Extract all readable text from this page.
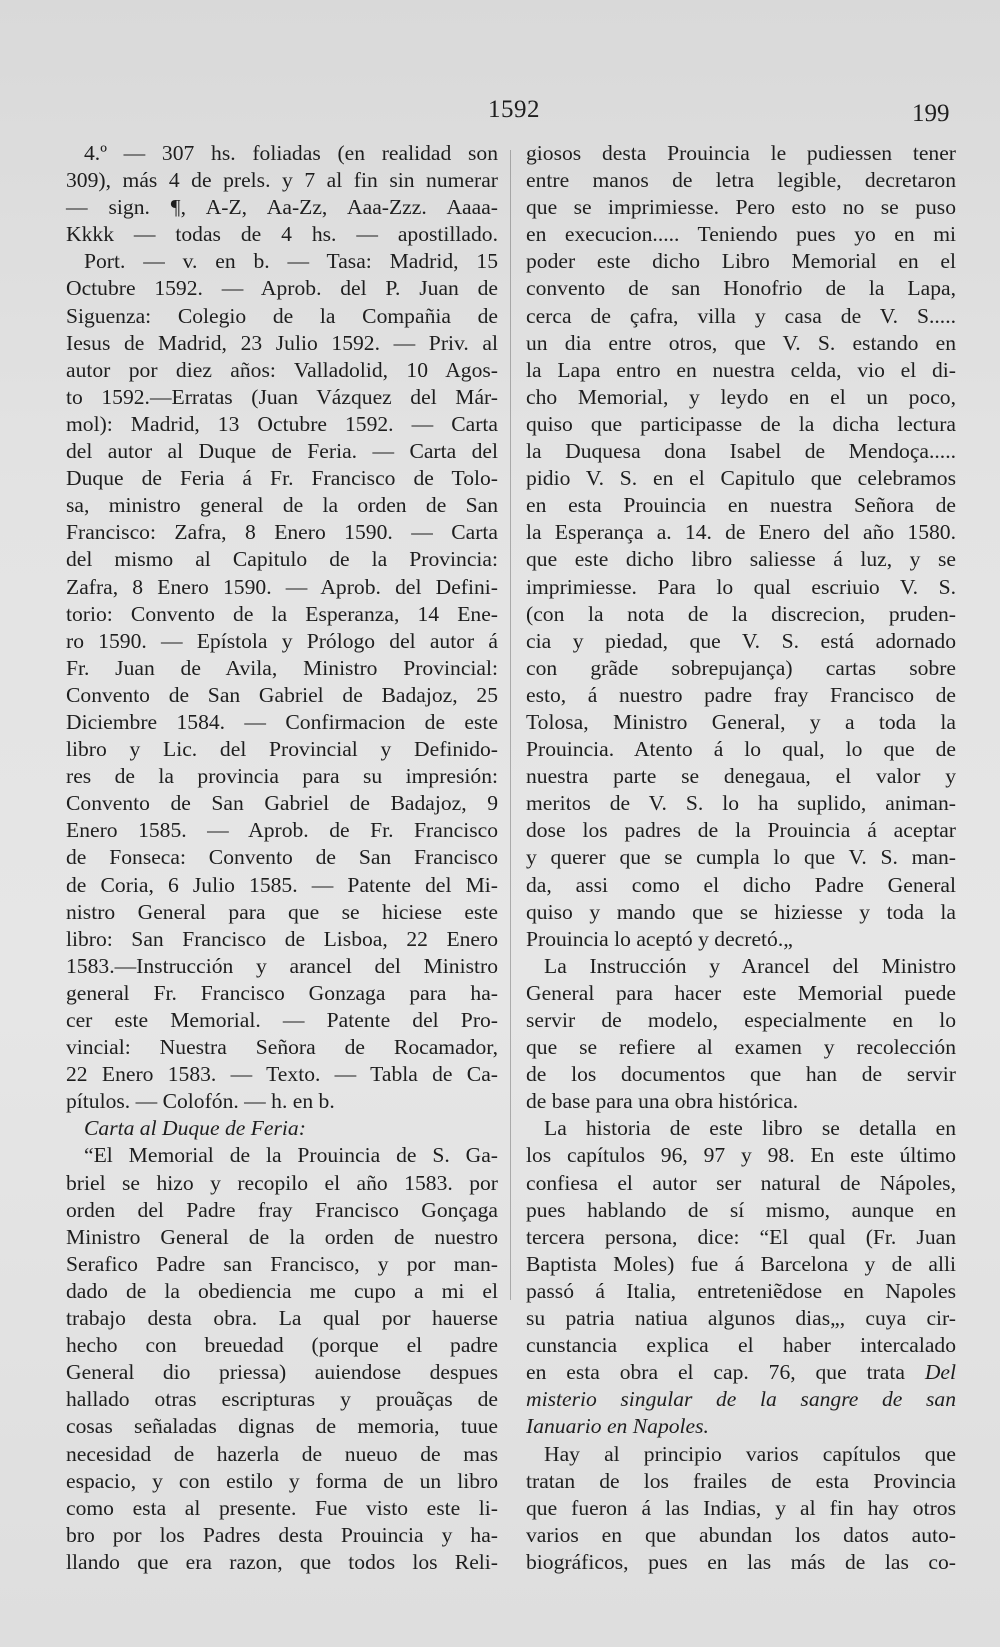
1592	199
4.º — 307 hs. foliadas (en realidad son
309), más 4 de prels. y 7 al fin sin numerar
— sign. ¶, A-Z, Aa-Zz, Aaa-Zzz. Aaaa-
Kkkk — todas de 4 hs. — apostillado.
Port. — v. en b. — Tasa: Madrid, 15
Octubre 1592. — Aprob. del P. Juan de
Siguenza: Colegio de la Compañia de
Iesus de Madrid, 23 Julio 1592. — Priv. al
autor por diez años: Valladolid, 10 Agos-
to 1592.—Erratas (Juan Vázquez del Már-
mol): Madrid, 13 Octubre 1592. — Carta
del autor al Duque de Feria. — Carta del
Duque de Feria á Fr. Francisco de Tolo-
sa, ministro general de la orden de San
Francisco: Zafra, 8 Enero 1590. — Carta
del mismo al Capitulo de la Provincia:
Zafra, 8 Enero 1590. — Aprob. del Defini-
torio: Convento de la Esperanza, 14 Ene-
ro 1590. — Epístola y Prólogo del autor á
Fr. Juan de Avila, Ministro Provincial:
Convento de San Gabriel de Badajoz, 25
Diciembre 1584. — Confirmacion de este
libro y Lic. del Provincial y Definido-
res de la provincia para su impresión:
Convento de San Gabriel de Badajoz, 9
Enero 1585. — Aprob. de Fr. Francisco
de Fonseca: Convento de San Francisco
de Coria, 6 Julio 1585. — Patente del Mi-
nistro General para que se hiciese este
libro: San Francisco de Lisboa, 22 Enero
1583.—Instrucción y arancel del Ministro
general Fr. Francisco Gonzaga para ha-
cer este Memorial. — Patente del Pro-
vincial: Nuestra Señora de Rocamador,
22 Enero 1583. — Texto. — Tabla de Ca-
pítulos. — Colofón. — h. en b.
Carta al Duque de Feria:
“El Memorial de la Prouincia de S. Ga-
briel se hizo y recopilo el año 1583. por
orden del Padre fray Francisco Gonçaga
Ministro General de la orden de nuestro
Serafico Padre san Francisco, y por man-
dado de la obediencia me cupo a mi el
trabajo desta obra. La qual por hauerse
hecho con breuedad (porque el padre
General dio priessa) auiendose despues
hallado otras escripturas y prouãças de
cosas señaladas dignas de memoria, tuue
necesidad de hazerla de nueuo de mas
espacio, y con estilo y forma de un libro
como esta al presente. Fue visto este li-
bro por los Padres desta Prouincia y ha-
llando que era razon, que todos los Reli-
giosos desta Prouincia le pudiessen tener
entre manos de letra legible, decretaron
que se imprimiesse. Pero esto no se puso
en execucion..... Teniendo pues yo en mi
poder este dicho Libro Memorial en el
convento de san Honofrio de la Lapa,
cerca de çafra, villa y casa de V. S.....
un dia entre otros, que V. S. estando en
la Lapa entro en nuestra celda, vio el di-
cho Memorial, y leydo en el un poco,
quiso que participasse de la dicha lectura
la Duquesa dona Isabel de Mendoça.....
pidio V. S. en el Capitulo que celebramos
en esta Prouincia en nuestra Señora de
la Esperança a. 14. de Enero del año 1580.
que este dicho libro saliesse á luz, y se
imprimiesse. Para lo qual escriuio V. S.
(con la nota de la discrecion, pruden-
cia y piedad, que V. S. está adornado
con grãde sobrepujança) cartas sobre
esto, á nuestro padre fray Francisco de
Tolosa, Ministro General, y a toda la
Prouincia. Atento á lo qual, lo que de
nuestra parte se denegaua, el valor y
meritos de V. S. lo ha suplido, animan-
dose los padres de la Prouincia á aceptar
y querer que se cumpla lo que V. S. man-
da, assi como el dicho Padre General
quiso y mando que se hiziesse y toda la
Prouincia lo aceptó y decretó.„
La Instrucción y Arancel del Ministro
General para hacer este Memorial puede
servir de modelo, especialmente en lo
que se refiere al examen y recolección
de los documentos que han de servir
de base para una obra histórica.
La historia de este libro se detalla en
los capítulos 96, 97 y 98. En este último
confiesa el autor ser natural de Nápoles,
pues hablando de sí mismo, aunque en
tercera persona, dice: “El qual (Fr. Juan
Baptista Moles) fue á Barcelona y de alli
passó á Italia, entreteniẽdose en Napoles
su patria natiua algunos dias„, cuya cir-
cunstancia explica el haber intercalado
en esta obra el cap. 76, que trata Del
misterio singular de la sangre de san
Ianuario en Napoles.
Hay al principio varios capítulos que
tratan de los frailes de esta Provincia
que fueron á las Indias, y al fin hay otros
varios en que abundan los datos auto-
biográficos, pues en las más de las co-
